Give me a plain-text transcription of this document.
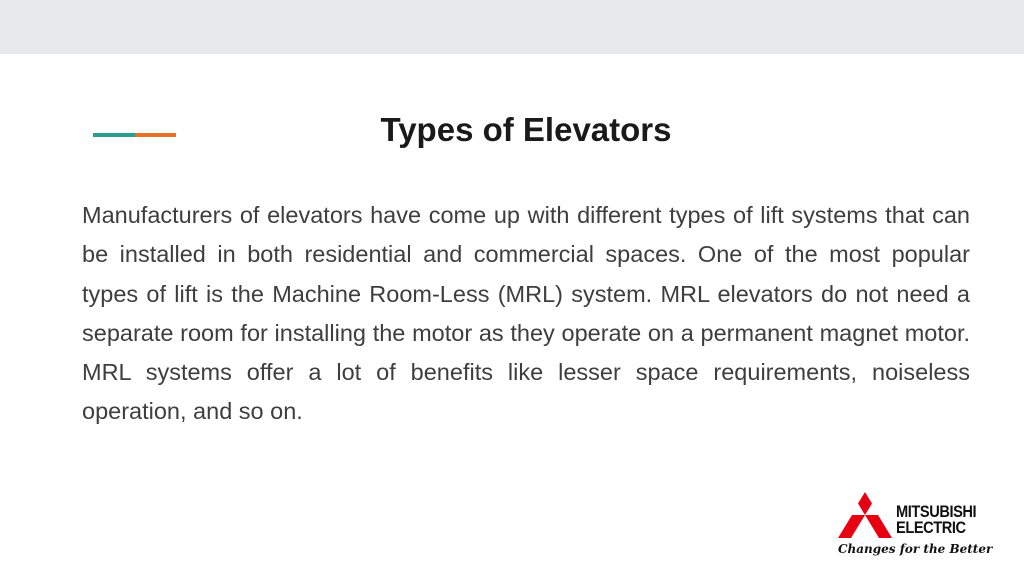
Types of Elevators

Manufacturers of elevators have come up with different types of lift systems that can be installed in both residential and commercial spaces. One of the most popular types of lift is the Machine Room-Less (MRL) system. MRL elevators do not need a separate room for installing the motor as they operate on a permanent magnet motor. MRL systems offer a lot of benefits like lesser space requirements, noiseless operation, and so on.

MITSUBISHI
ELECTRIC
Changes for the Better
